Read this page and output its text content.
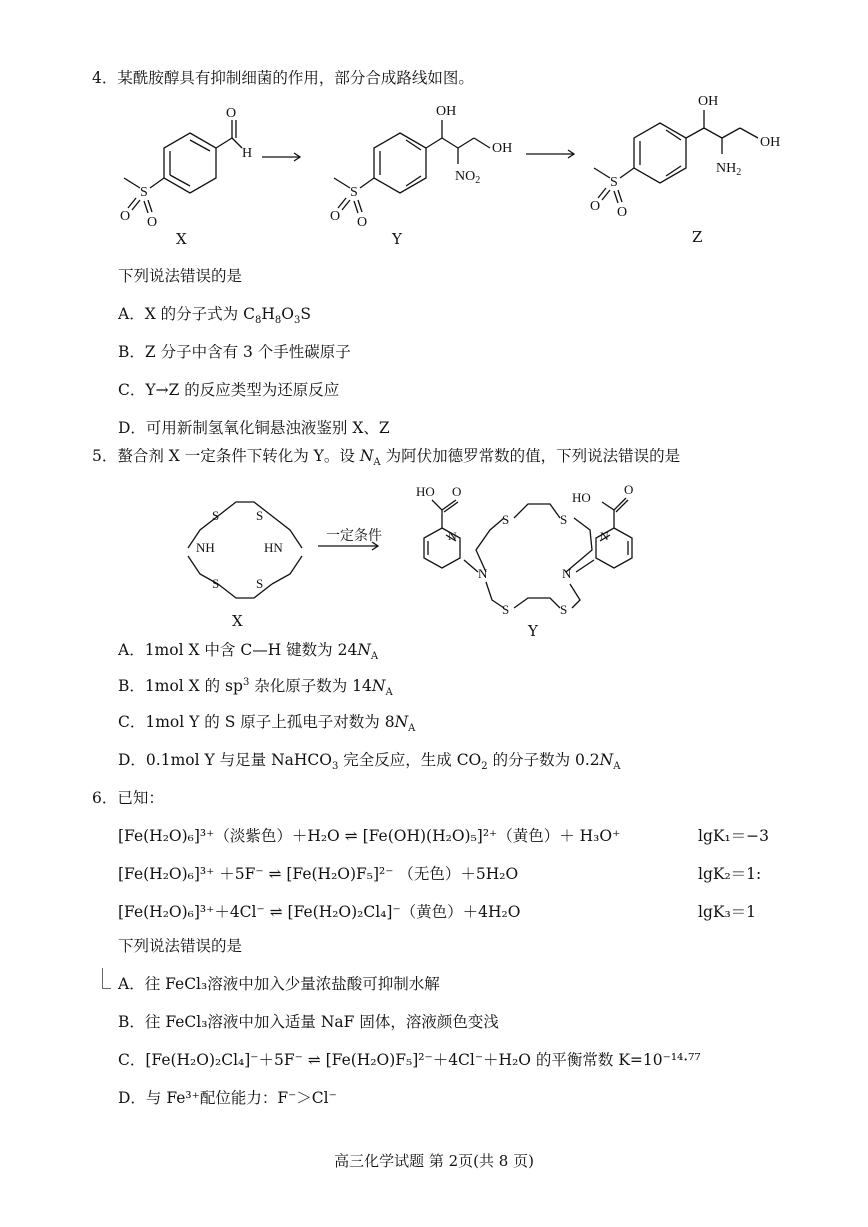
4．某酰胺醇具有抑制细菌的作用，部分合成路线如图。
O
H
S
O
O
OH
$NO_2$
OH
S
O
O
OH
$NH_2$
OH
S
O
O
X	Y	Z
下列说法错误的是
A．X 的分子式为 $C_8H_8O_3S$
B．Z 分子中含有 3 个手性碳原子
C．Y→Z 的反应类型为还原反应
D．可用新制氢氧化铜悬浊液鉴别 X、Z
5．螯合剂 X 一定条件下转化为 Y。设 $N_A$ 为阿伏加德罗常数的值，下列说法错误的是
S	S
NH	HN
S	S
一定条件
S	S
N	N
S	S
N
O
HO
N
O
HO
X
Y
A．1mol X 中含 C—H 键数为 $24N_A$
B．1mol X 的 $sp^3$ 杂化原子数为 $14N_A$
C．1mol Y 的 S 原子上孤电子对数为 $8N_A$
D．0.1mol Y 与足量 NaHCO$_3$ 完全反应，生成 $CO_2$ 的分子数为 $0.2N_A$
6．已知：
[Fe(H₂O)₆]³⁺（淡紫色）＋H₂O ⇌ [Fe(OH)(H₂O)₅]²⁺（黄色）＋ H₃O⁺	lgK₁＝−3
[Fe(H₂O)₆]³⁺ ＋5F⁻ ⇌ [Fe(H₂O)F₅]²⁻ （无色）＋5H₂O	lgK₂＝1:
[Fe(H₂O)₆]³⁺＋4Cl⁻ ⇌ [Fe(H₂O)₂Cl₄]⁻（黄色）＋4H₂O	lgK₃＝1
下列说法错误的是
A．往 FeCl₃溶液中加入少量浓盐酸可抑制水解
B．往 FeCl₃溶液中加入适量 NaF 固体，溶液颜色变浅
C．[Fe(H₂O)₂Cl₄]⁻＋5F⁻ ⇌ [Fe(H₂O)F₅]²⁻＋4Cl⁻＋H₂O 的平衡常数 K=10⁻¹⁴·⁷⁷
D．与 Fe³⁺配位能力：F⁻＞Cl⁻
高三化学试题 第 2页(共 8 页)
